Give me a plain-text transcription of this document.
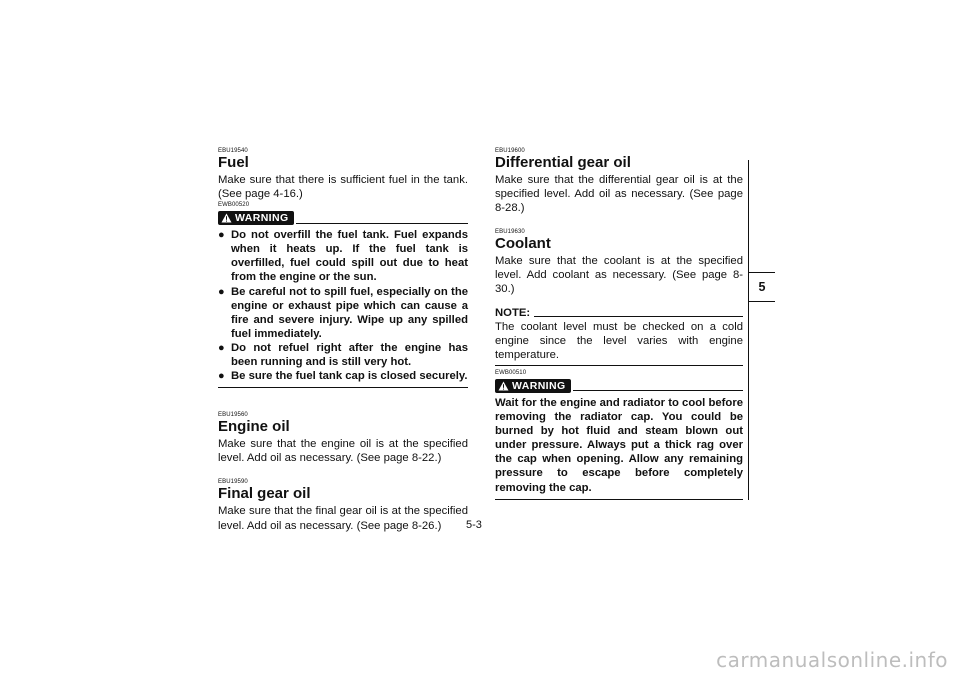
EBU19540
Fuel

Make sure that there is sufficient fuel in the tank. (See page 4-16.)

EWB00520
WARNING
● Do not overfill the fuel tank. Fuel expands when it heats up. If the fuel tank is overfilled, fuel could spill out due to heat from the engine or the sun.
● Be careful not to spill fuel, especially on the engine or exhaust pipe which can cause a fire and severe injury. Wipe up any spilled fuel immediately.
● Do not refuel right after the engine has been running and is still very hot.
● Be sure the fuel tank cap is closed securely.
EBU19560
Engine oil

Make sure that the engine oil is at the specified level. Add oil as necessary. (See page 8-22.)

EBU19590
Final gear oil

Make sure that the final gear oil is at the specified level. Add oil as necessary. (See page 8-26.)

EBU19600
Differential gear oil

Make sure that the differential gear oil is at the specified level. Add oil as necessary. (See page 8-28.)

EBU19630
Coolant

Make sure that the coolant is at the specified level. Add coolant as necessary. (See page 8-30.)

NOTE:

The coolant level must be checked on a cold engine since the level varies with engine temperature.

EWB00510
WARNING

Wait for the engine and radiator to cool before removing the radiator cap. You could be burned by hot fluid and steam blown out under pressure. Always put a thick rag over the cap when opening. Allow any remaining pressure to escape before completely removing the cap.

5
5-3
carmanualsonline.info
